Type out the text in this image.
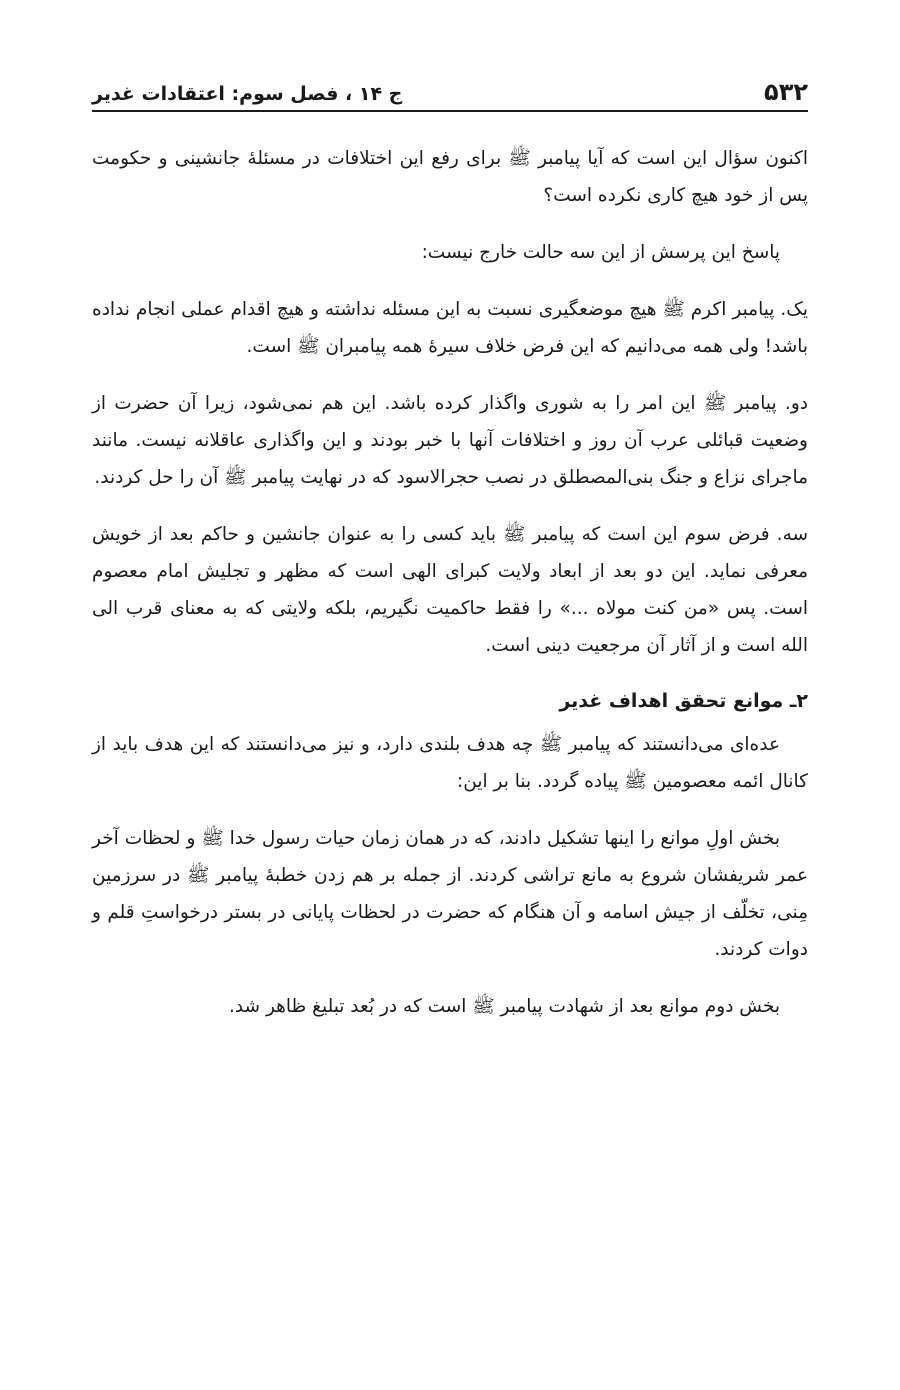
۵۳۲
ج ۱۴ ، فصل سوم: اعتقادات غدیر

اکنون سؤال این است که آیا پیامبر ﷺ برای رفع این اختلافات در مسئلۀ جانشینی و حکومت پس از خود هیچ کاری نکرده است؟

پاسخ این پرسش از این سه حالت خارج نیست:

یک. پیامبر اکرم ﷺ هیچ موضعگیری نسبت به این مسئله نداشته و هیچ اقدام عملی انجام نداده باشد! ولی همه می‌دانیم که این فرض خلاف سیرۀ همه پیامبران ﷺ است.

دو. پیامبر ﷺ این امر را به شوری واگذار کرده باشد. این هم نمی‌شود، زیرا آن حضرت از وضعیت قبائلی عرب آن روز و اختلافات آنها با خبر بودند و این واگذاری عاقلانه نیست. مانند ماجرای نزاع و جنگ بنی‌المصطلق در نصب حجرالاسود که در نهایت پیامبر ﷺ آن را حل کردند.

سه. فرض سوم این است که پیامبر ﷺ باید کسی را به عنوان جانشین و حاکم بعد از خویش معرفی نماید. این دو بعد از ابعاد ولایت کبرای الهی است که مظهر و تجلیش امام معصوم است. پس «من کنت مولاه ...» را فقط حاکمیت نگیریم، بلکه ولایتی که به معنای قرب الی الله است و از آثار آن مرجعیت دینی است.

۲ـ موانع تحقق اهداف غدیر

عده‌ای می‌دانستند که پیامبر ﷺ چه هدف بلندی دارد، و نیز می‌دانستند که این هدف باید از کانال ائمه معصومین ﷺ پیاده گردد. بنا بر این:

بخش اولِ موانع را اینها تشکیل دادند، که در همان زمان حیات رسول خدا ﷺ و لحظات آخر عمر شریفشان شروع به مانع تراشی کردند. از جمله بر هم زدن خطبۀ پیامبر ﷺ در سرزمین مِنی، تخلّف از جیش اسامه و آن هنگام که حضرت در لحظات پایانی در بستر درخواستِ قلم و دوات کردند.

بخش دوم موانع بعد از شهادت پیامبر ﷺ است که در بُعد تبلیغ ظاهر شد.
